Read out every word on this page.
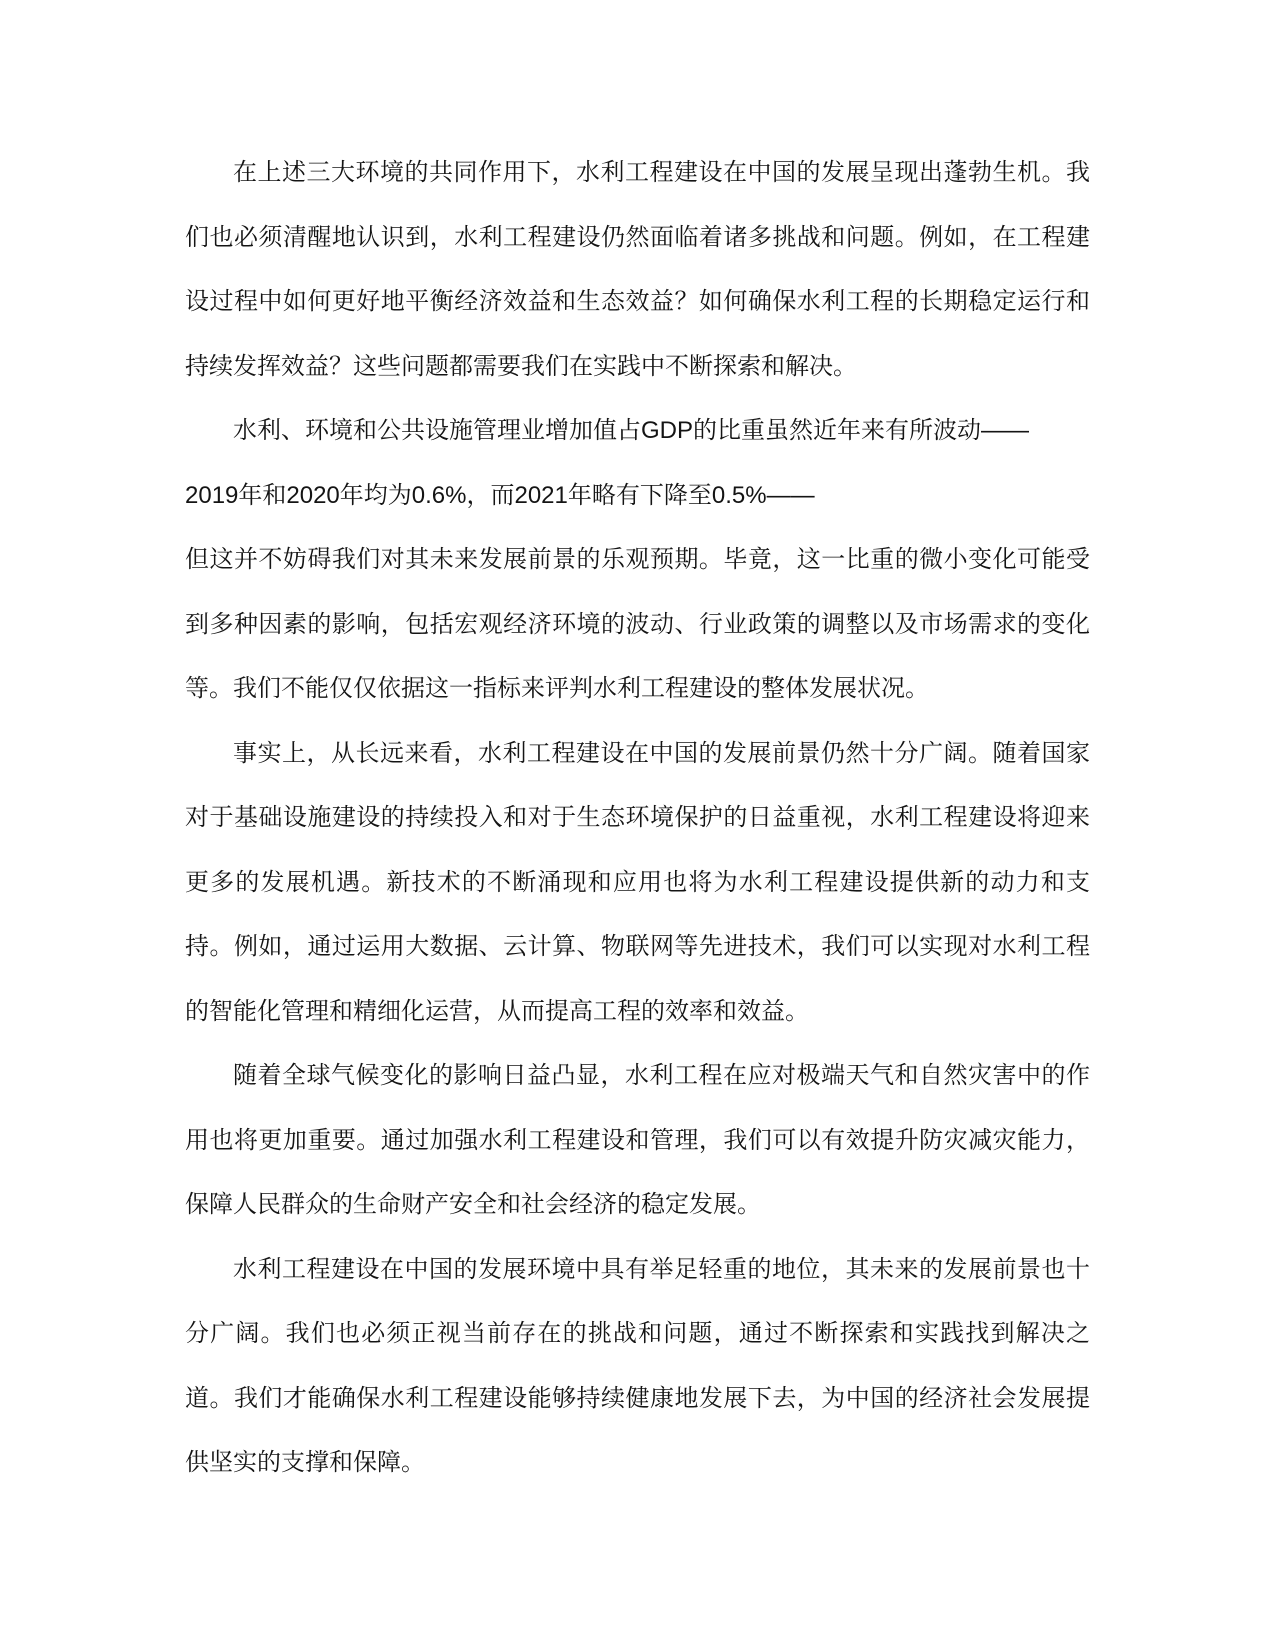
在上述三大环境的共同作用下，水利工程建设在中国的发展呈现出蓬勃生机。我们也必须清醒地认识到，水利工程建设仍然面临着诸多挑战和问题。例如，在工程建设过程中如何更好地平衡经济效益和生态效益？如何确保水利工程的长期稳定运行和持续发挥效益？这些问题都需要我们在实践中不断探索和解决。

水利、环境和公共设施管理业增加值占GDP的比重虽然近年来有所波动——

2019年和2020年均为0.6%，而2021年略有下降至0.5%——

但这并不妨碍我们对其未来发展前景的乐观预期。毕竟，这一比重的微小变化可能受到多种因素的影响，包括宏观经济环境的波动、行业政策的调整以及市场需求的变化等。我们不能仅仅依据这一指标来评判水利工程建设的整体发展状况。

事实上，从长远来看，水利工程建设在中国的发展前景仍然十分广阔。随着国家对于基础设施建设的持续投入和对于生态环境保护的日益重视，水利工程建设将迎来更多的发展机遇。新技术的不断涌现和应用也将为水利工程建设提供新的动力和支持。例如，通过运用大数据、云计算、物联网等先进技术，我们可以实现对水利工程的智能化管理和精细化运营，从而提高工程的效率和效益。

随着全球气候变化的影响日益凸显，水利工程在应对极端天气和自然灾害中的作用也将更加重要。通过加强水利工程建设和管理，我们可以有效提升防灾减灾能力，保障人民群众的生命财产安全和社会经济的稳定发展。

水利工程建设在中国的发展环境中具有举足轻重的地位，其未来的发展前景也十分广阔。我们也必须正视当前存在的挑战和问题，通过不断探索和实践找到解决之道。我们才能确保水利工程建设能够持续健康地发展下去，为中国的经济社会发展提供坚实的支撑和保障。
